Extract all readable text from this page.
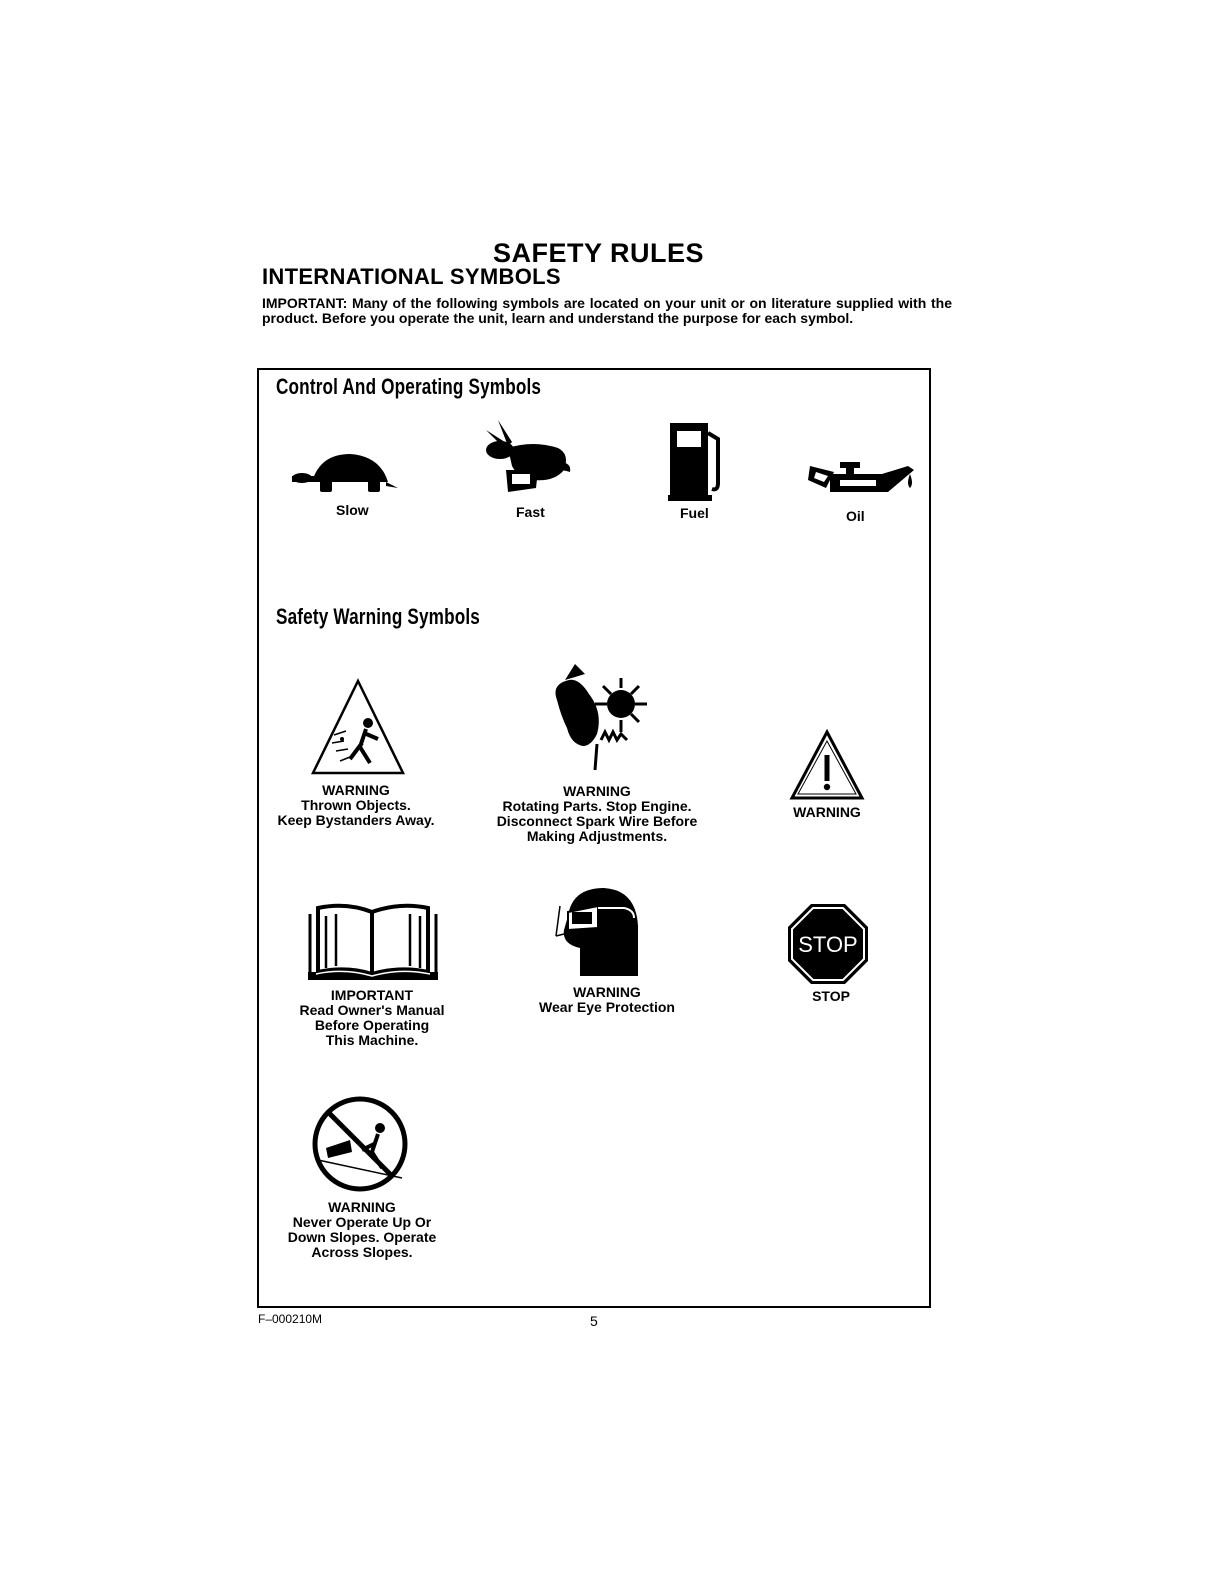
SAFETY RULES
INTERNATIONAL SYMBOLS
IMPORTANT: Many of the following symbols are located on your unit or on literature supplied with the product. Before you operate the unit, learn and understand the purpose for each symbol.
Control And Operating Symbols
Slow	Fast	Fuel	Oil
Safety Warning Symbols
WARNING
Thrown Objects.
Keep Bystanders Away.
WARNING
Rotating Parts. Stop Engine.
Disconnect Spark Wire Before
Making Adjustments.
WARNING
IMPORTANT
Read Owner's Manual
Before Operating
This Machine.
WARNING
Wear Eye Protection
STOP
STOP
WARNING
Never Operate Up Or
Down Slopes. Operate
Across Slopes.
F–000210M	5
